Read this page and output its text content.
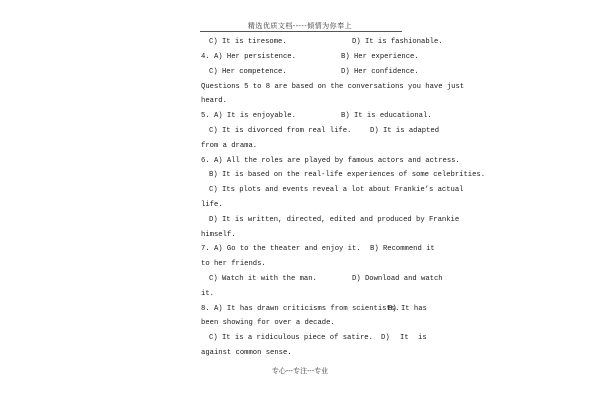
精选优质文档-----倾情为你奉上
C) It is tiresome.	D) It is fashionable.
4. A) Her persistence.	B) Her experience.
C) Her competence.	D) Her confidence.
Questions 5 to 8 are based on the conversations you have just
heard.
5. A) It is enjoyable.	B) It is educational.
C) It is divorced from real life.	D) It is adapted
from a drama.
6. A) All the roles are played by famous actors and actress.
B) It is based on the real-life experiences of some celebrities.
C) Its plots and events reveal a lot about Frankie’s actual
life.
D) It is written, directed, edited and produced by Frankie
himself.
7. A) Go to the theater and enjoy it. B) Recommend it
to her friends.
C) Watch it with the man.	D) Download and watch
it.
8. A) It has drawn criticisms from scientists.
B) It has
been showing for over a decade.
C) It is a ridiculous piece of satire. D) It is
against common sense.
专心---专注---专业
